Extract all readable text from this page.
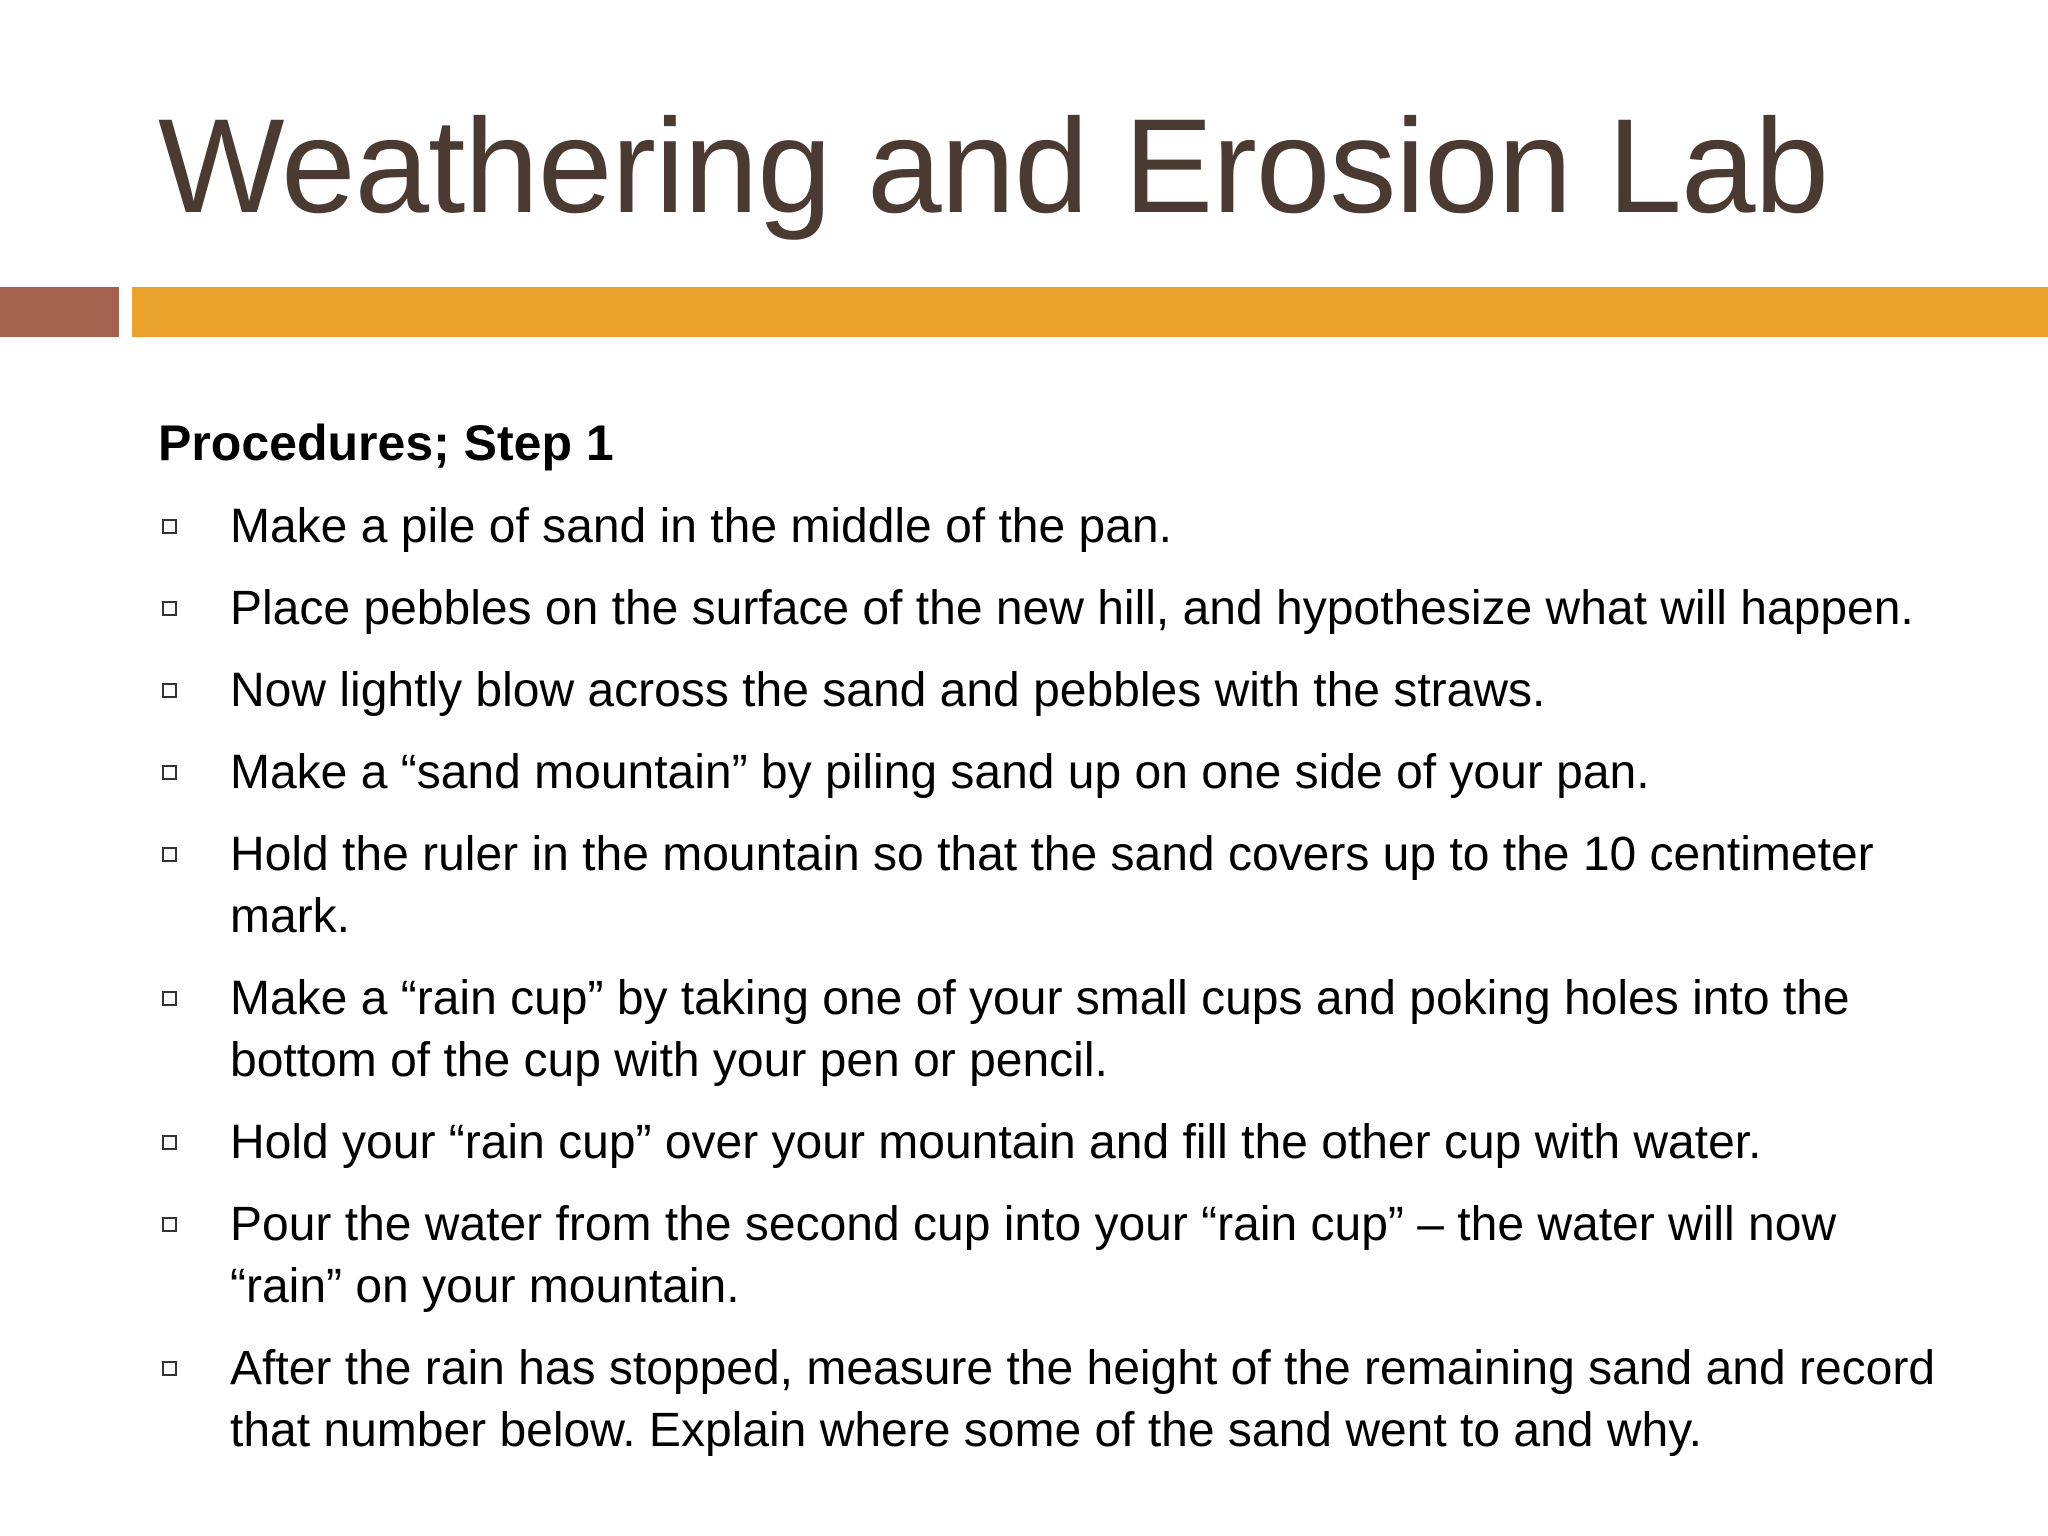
Weathering and Erosion Lab
Procedures; Step 1
Make a pile of sand in the middle of the pan.
Place pebbles on the surface of the new hill, and hypothesize what will happen.
Now lightly blow across the sand and pebbles with the straws.
Make a “sand mountain” by piling sand up on one side of your pan.
Hold the ruler in the mountain so that the sand covers up to the 10 centimeter mark.
Make a “rain cup” by taking one of your small cups and poking holes into the bottom of the cup with your pen or pencil.
Hold your “rain cup” over your mountain and fill the other cup with water.
Pour the water from the second cup into your “rain cup” – the water will now “rain” on your mountain.
After the rain has stopped, measure the height of the remaining sand and record that number below. Explain where some of the sand went to and why.
